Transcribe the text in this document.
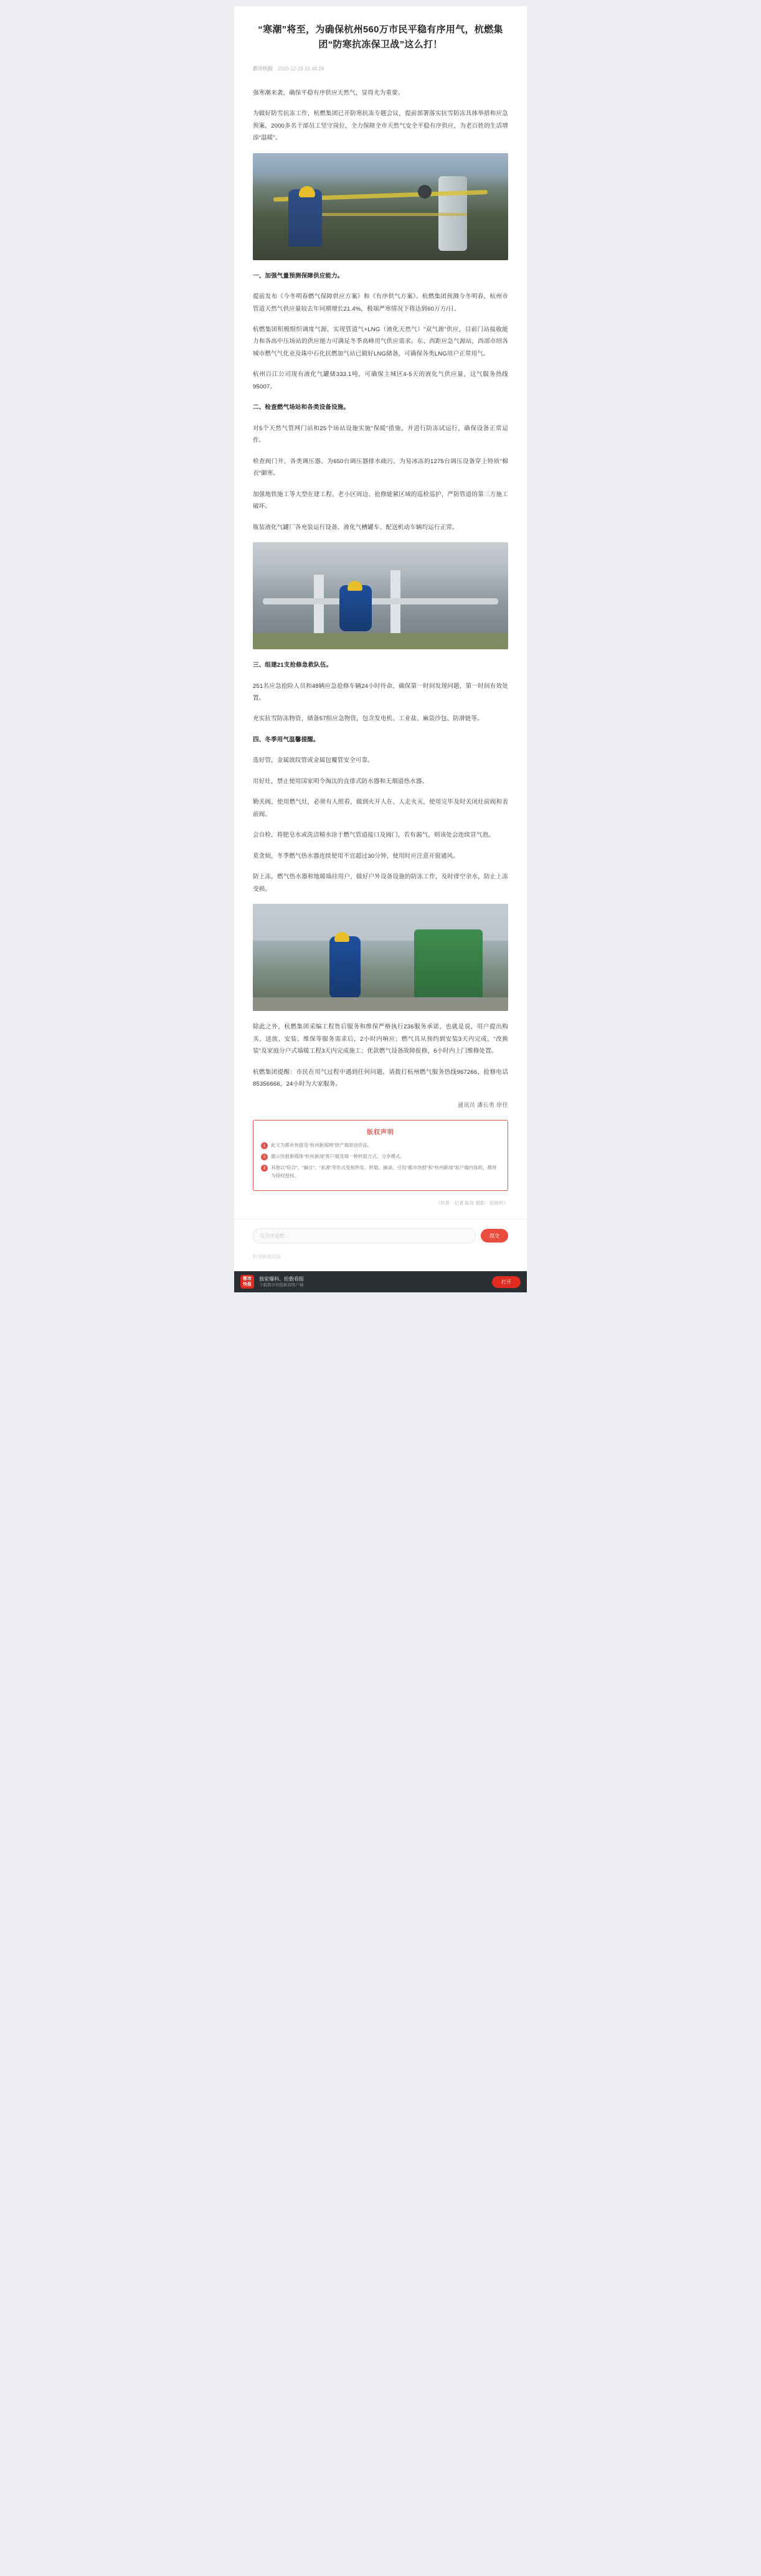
“寒潮”将至，为确保杭州560万市民平稳有序用气，杭燃集团“防寒抗冻保卫战”这么打！
都市快报 2020-12-29 15:48:28

强寒潮来袭，确保平稳有序供应天然气，显得尤为重要。

为做好防雪抗冻工作，杭燃集团已开防寒抗冻专题会议，提前部署落实抗雪防冻具体举措和应急预案，2000多名干部员工坚守岗位，全力保障全市天然气安全平稳有序供应，为老百姓的生活增添“温暖”。

一、加强气量预测保障供应能力。

提前发布《今冬明春燃气保障供应方案》和《有序供气方案》。杭燃集团预测今冬明春，杭州市管道天然气供应量较去年同期增长21.4%，极端严寒情况下将达到60万方/日。

杭燃集团积极组织调度气源，实现管道气+LNG（液化天然气）“双气源”供应，目前门站接收能力和各高中压场站的供应能力可满足冬季高峰用气供应需求。东、西距应急气源站，西部市绍各城市燃气气化业及珠中石化抗燃加气站已做好LNG储备，可确保各类LNG用户正常用气。

杭州百江公司现有液化气罐储333.1吨，可确保主城区4-5天的液化气供应量，这气服务热线95007。

二、检查燃气场站和各类设备设施。

对5个天然气管网门站和25个场站设施实施“保暖”措施，并进行防冻试运行，确保设备正常运作。

检查阀门井，各类调压器，为650台调压器排水疏污，为易冰冻的1275台调压设备穿上特质“棉衣”御寒。

加强地铁施工等大型在建工程、老小区周边、抢修能紧区域的巡检巡护，严防管道的第三方施工破坏。

瓶装液化气罐厂各充装运行设备、液化气槽罐车、配送机动车辆均运行正常。

三、组建21支抢修急救队伍。

251名应急抢险人员和48辆应急抢修车辆24小时待命，确保第一时间发现问题，第一时间有效处置。

充实抗雪防冻物资，储备57组应急物资，包含发电机、工业盐、麻袋沙包、防滑链等。

四、冬季用气温馨提醒。

选好管，金属波纹管或金属包覆管安全可靠。

用好灶，禁止使用国家明令淘汰的直排式防水器和无烟道热水器。

勤关阀，使用燃气灶，必须有人照看，做到火开人在、人走火灭，使用完毕及时关闭灶前阀和表前阀。

会自检，将肥皂水或洗洁精水涂于燃气管道接口及阀门，若有漏气，则该处会连续冒气泡。

莫贪烦，冬季燃气热水器连续使用不宜超过30分钟，使用时应注意开窗通风。

防上冻，燃气热水器和地暖墙挂用户，做好户外设备设施的防冻工作，及时排空余水，防止上冻受损。

除此之外，杭燃集团采编工程售后服务和维保严格执行236服务承诺，也就是说，用户提出购买、送放、安装、维保等服务需求后，2小时内响应；燃气具从预约到安装3天内完成，“改换装”及家庭分户式墙暖工程3天内完成施工；优款燃气设备故障报修，6小时内上门维修处置。

杭燃集团提醒：市民在用气过程中遇到任何问题，请拨打杭州燃气服务热线967266，抢修电话85356666，24小时为大家服务。

通讯员 潘长勇 徐佳
版权声明
1	此文为都市快报及“杭州新闻网”原产端原创作品。
2	题示快报新媒体“杭州新闻”客户端及端一种转载方式、分享模式。
3	其他以“综合”、“摘自”、“来源”等形式变相转发、转载、摘录，引用“都市快报”和“杭州新闻”客户端内容的，都将为侵权授权。
（作者：记者 陈舟 摄影：迎接村）
写点评论吧…	提交
杭州新闻出品
都市
快报
独家爆料、抢骰看报
下载都市快报新闻客户端
打开
